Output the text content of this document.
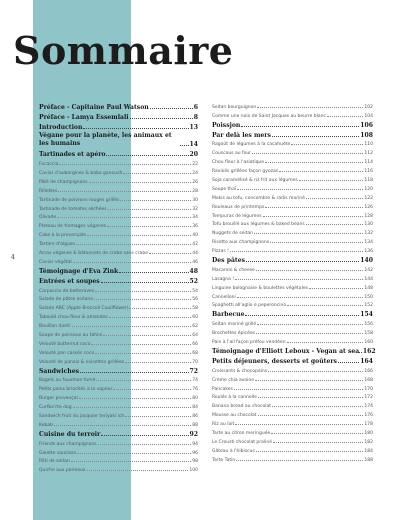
Sommaire
4
Préface - Capitaine Paul Watson	6
Préface - Lamya Essemlali	8
Introduction	13
Végane pour la planète, les animaux et les humains	14
Tartinades et apéro	20
Focaccia	22
Caviar d'aubergines & baba ganoush	24
Pâté de champignons	26
Rillettes	28
Tartinade de poivrons rouges grillés	30
Tartinade de tomates séchées	32
Olivade	34
Plateau de fromages véganes	36
Cake à la provençale	40
Tartare d'algues	42
Acras véganes & bâtonnets de crabe sans crabe	44
Caviar végétal	46
Témoignage d'Eva Zink	48
Entrées et soupes	52
Carpaccio de betteraves	54
Salade de pâtes océane	56
Salade ABC (Apple Broccoli Cauliflower)	58
Taboulé chou-fleur & amandes	60
Bouillon dashi	62
Soupe de poireaux au tahini	64
Velouté butternut coco	66
Velouté pan cassés coco	68
Velouté de panais & noisettes grillées	70
Sandwiches	72
Bagels au fauxmon fumé	74
Petits pains briochés à la vapeur	76
Burger provençal	80
Curfbo'rte dog	84
Sandwich fruit du jacquier teriyaki ich	86
Kebab	88
Cuisine du terroir	92
Friands aux champignons	94
Galette saucisse	96
Rôti de seitan	98
Quiche aux poireaux	100
Seitan bourguignon	102
Comme une noix de Saint Jacques au beurre blanc	104
Poissjon	106
Par delà les mers	108
Ragoût de légumes à la cacahuète	110
Couscous au four	112
Chou fleur à l'asiatique	114
Raviolis grillées façon gyozas	116
Soja caramélisé & riz frit aux légumes	118
Soupe thaï	120
Makis au tofu, concombre & radis mariné	122
Rouleaux de printemps	126
Tempuras de légumes	128
Tofu brouillé aux légumes & baked beans	130
Nuggets de seitan	132
Risotto aux champignons	134
Pizzas !	136
Des pâtes	140
Macaroni & cheese	142
Lasagna !	144
Linguine bolognaise & boulettes végétales	148
Cannelloni	150
Spaghetti all'aglio e peperoncino	152
Barbecue	154
Seitan mariné grillé	156
Brochettes épicées	158
Pain à l'ail façon préfou vendéen	160
Témoignage d'Elliott Leboux - Vegan at sea 162
Petits déjeuners, desserts et goûters	164
Croissants & chocopains	166
Crème chia avoine	168
Pancakes	170
Roulés à la cannelle	172
Banana bread au chocolat	174
Mousse au chocolat	176
Riz au lait	178
Tarte au citron meringuée	180
Le Crousti chocolat praliné	182
Gâteau à l'hibiscus	184
Tarte Tatin	188
